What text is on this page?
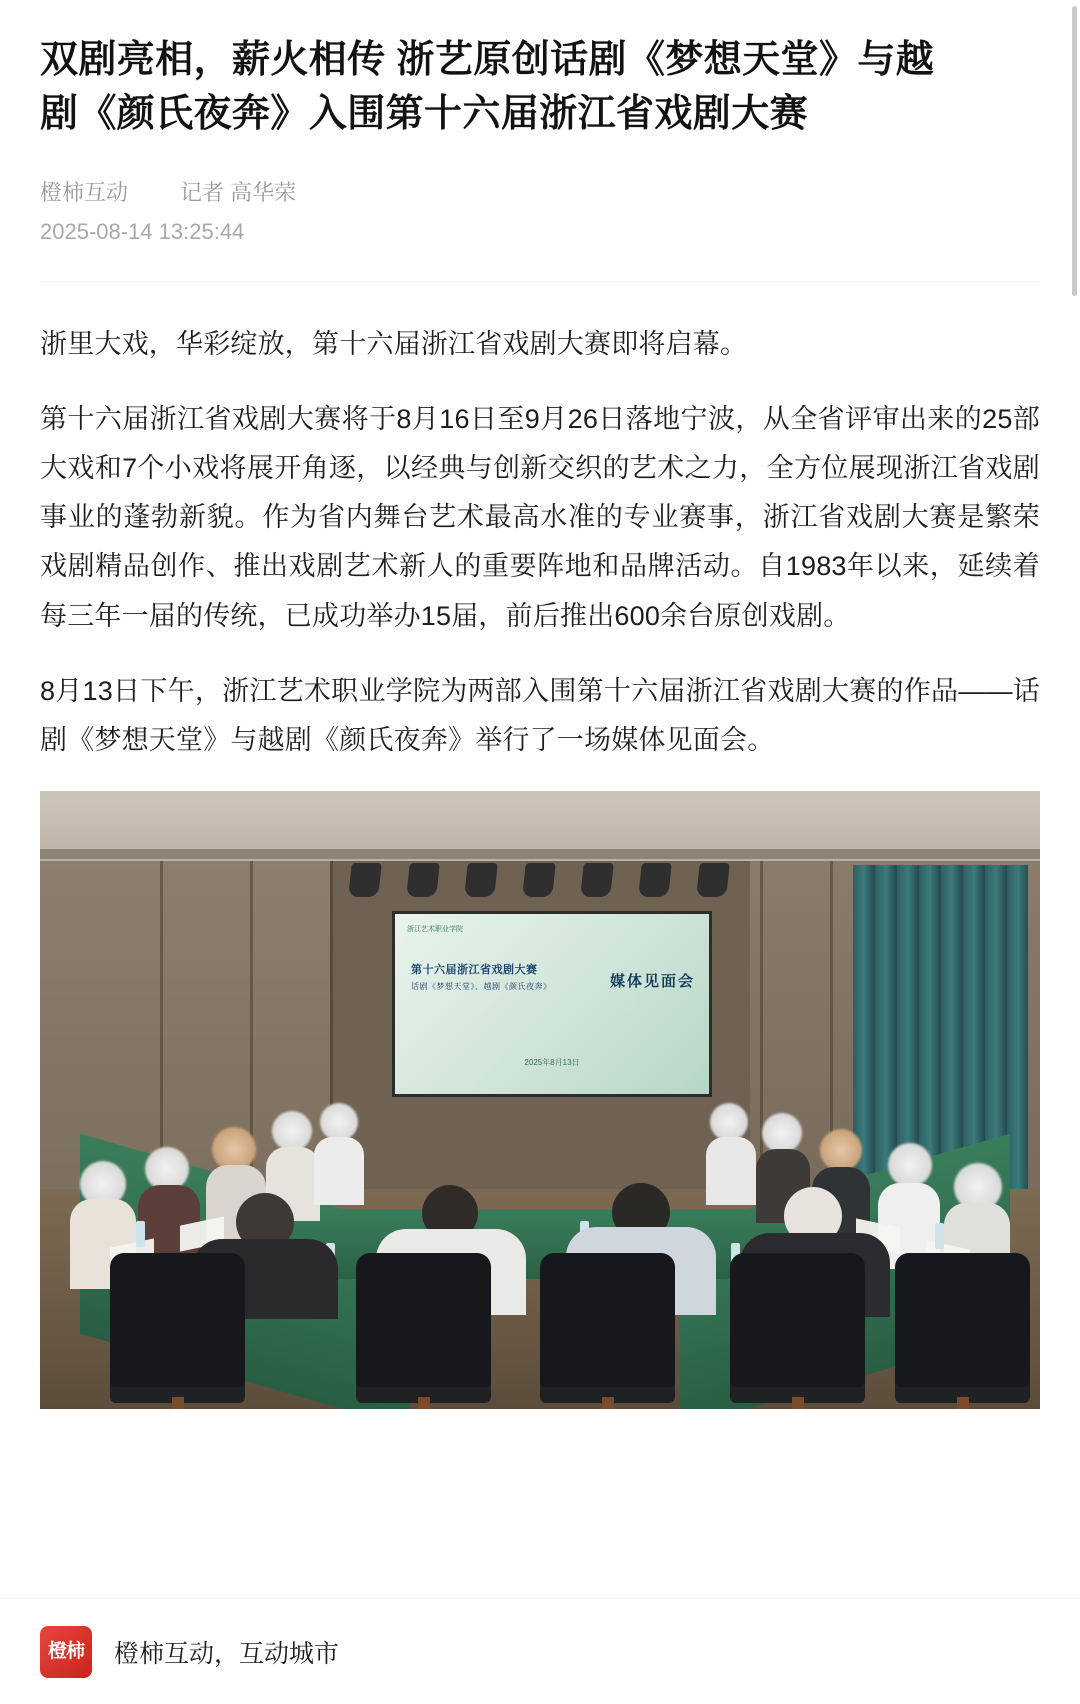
双剧亮相，薪火相传 浙艺原创话剧《梦想天堂》与越剧《颜氏夜奔》入围第十六届浙江省戏剧大赛
橙柿互动 记者 高华荣
2025-08-14 13:25:44

浙里大戏，华彩绽放，第十六届浙江省戏剧大赛即将启幕。

第十六届浙江省戏剧大赛将于8月16日至9月26日落地宁波，从全省评审出来的25部大戏和7个小戏将展开角逐，以经典与创新交织的艺术之力，全方位展现浙江省戏剧事业的蓬勃新貌。作为省内舞台艺术最高水准的专业赛事，浙江省戏剧大赛是繁荣戏剧精品创作、推出戏剧艺术新人的重要阵地和品牌活动。自1983年以来，延续着每三年一届的传统，已成功举办15届，前后推出600余台原创戏剧。

8月13日下午，浙江艺术职业学院为两部入围第十六届浙江省戏剧大赛的作品——话剧《梦想天堂》与越剧《颜氏夜奔》举行了一场媒体见面会。

浙江艺术职业学院
第十六届浙江省戏剧大赛
话剧《梦想天堂》、越剧《颜氏夜奔》	媒体见面会
2025年8月13日
橙柿	橙柿互动，互动城市
